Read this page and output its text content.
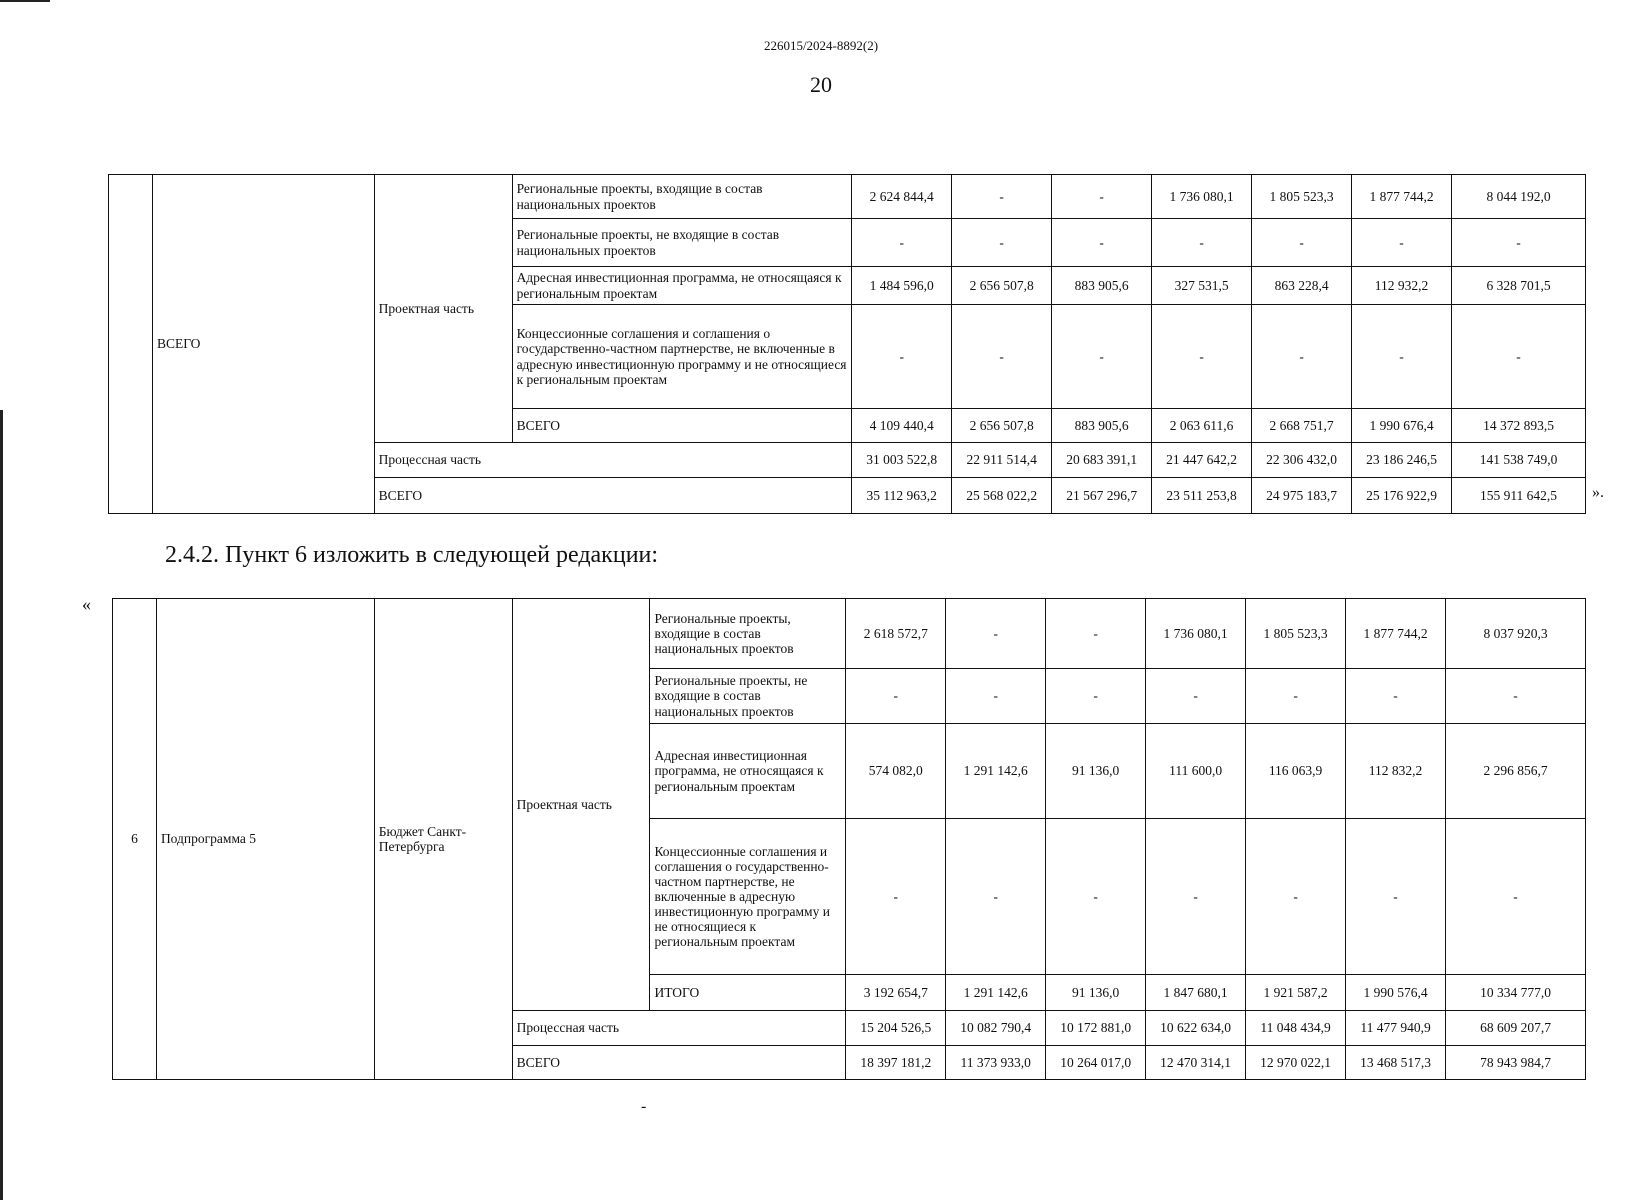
226015/2024-8892(2)
20
	ВСЕГО	Проектная часть	Региональные проекты, входящие в состав национальных проектов	2 624 844,4	-	-	1 736 080,1	1 805 523,3	1 877 744,2	8 044 192,0
			Региональные проекты, не входящие в состав национальных проектов	-	-	-	-	-	-	-
			Адресная инвестиционная программа, не относящаяся к региональным проектам	1 484 596,0	2 656 507,8	883 905,6	327 531,5	863 228,4	112 932,2	6 328 701,5
			Концессионные соглашения и соглашения о государственно-частном партнерстве, не включенные в адресную инвестиционную программу и не относящиеся к региональным проектам	-	-	-	-	-	-	-
			ВСЕГО	4 109 440,4	2 656 507,8	883 905,6	2 063 611,6	2 668 751,7	1 990 676,4	14 372 893,5
		Процессная часть		31 003 522,8	22 911 514,4	20 683 391,1	21 447 642,2	22 306 432,0	23 186 246,5	141 538 749,0
		ВСЕГО		35 112 963,2	25 568 022,2	21 567 296,7	23 511 253,8	24 975 183,7	25 176 922,9	155 911 642,5 ».
2.4.2. Пункт 6 изложить в следующей редакции:
«
6	Подпрограмма 5	Бюджет Санкт-Петербурга	Проектная часть	Региональные проекты, входящие в состав национальных проектов	2 618 572,7	-	-	1 736 080,1	1 805 523,3	1 877 744,2	8 037 920,3
				Региональные проекты, не входящие в состав национальных проектов	-	-	-	-	-	-	-
				Адресная инвестиционная программа, не относящаяся к региональным проектам	574 082,0	1 291 142,6	91 136,0	111 600,0	116 063,9	112 832,2	2 296 856,7
				Концессионные соглашения и соглашения о государственно-частном партнерстве, не включенные в адресную инвестиционную программу и не относящиеся к региональным проектам	-	-	-	-	-	-	-
				ИТОГО	3 192 654,7	1 291 142,6	91 136,0	1 847 680,1	1 921 587,2	1 990 576,4	10 334 777,0
			Процессная часть		15 204 526,5	10 082 790,4	10 172 881,0	10 622 634,0	11 048 434,9	11 477 940,9	68 609 207,7
			ВСЕГО		18 397 181,2	11 373 933,0	10 264 017,0	12 470 314,1	12 970 022,1	13 468 517,3	78 943 984,7
-
